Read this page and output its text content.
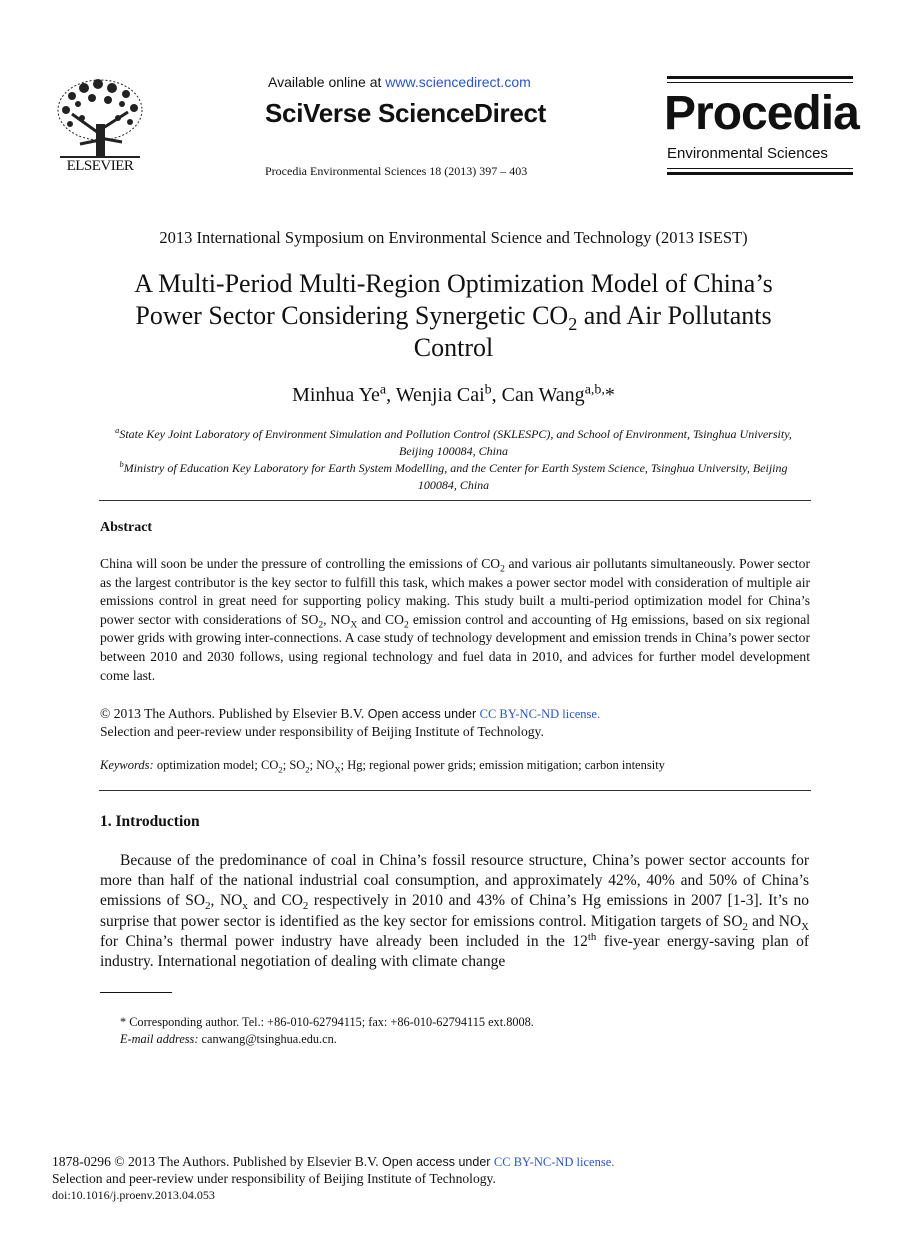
ELSEVIER
Available online at www.sciencedirect.com
SciVerse ScienceDirect
Procedia Environmental Sciences 18 (2013) 397 – 403
Procedia
Environmental Sciences
2013 International Symposium on Environmental Science and Technology (2013 ISEST)
A Multi-Period Multi-Region Optimization Model of China’s
Power Sector Considering Synergetic $CO_2$ and Air Pollutants
Control
Minhua Ye$^a$, Wenjia Cai$^b$, Can Wang$^{a,b,}$*
$^a$State Key Joint Laboratory of Environment Simulation and Pollution Control (SKLESPC), and School of Environment, Tsinghua University, Beijing 100084, China
$^b$Ministry of Education Key Laboratory for Earth System Modelling, and the Center for Earth System Science, Tsinghua University, Beijing 100084, China
Abstract
China will soon be under the pressure of controlling the emissions of $CO_2$ and various air pollutants simultaneously. Power sector as the largest contributor is the key sector to fulfill this task, which makes a power sector model with consideration of multiple air emissions control in great need for supporting policy making. This study built a multi-period optimization model for China’s power sector with considerations of $SO_2$, $NO_X$ and $CO_2$ emission control and accounting of Hg emissions, based on six regional power grids with growing inter-connections. A case study of technology development and emission trends in China’s power sector between 2010 and 2030 follows, using regional technology and fuel data in 2010, and advices for further model development come last.
© 2013 The Authors. Published by Elsevier B.V. Open access under CC BY-NC-ND license.
Selection and peer-review under responsibility of Beijing Institute of Technology.
Keywords: optimization model; $CO_2$; $SO_2$; $NO_X$; Hg; regional power grids; emission mitigation; carbon intensity
1. Introduction
Because of the predominance of coal in China’s fossil resource structure, China’s power sector accounts for more than half of the national industrial coal consumption, and approximately 42%, 40% and 50% of China’s emissions of $SO_2$, $NO_x$ and $CO_2$ respectively in 2010 and 43% of China’s Hg emissions in 2007 [1-3]. It’s no surprise that power sector is identified as the key sector for emissions control. Mitigation targets of $SO_2$ and $NO_X$ for China’s thermal power industry have already been included in the 12th five-year energy-saving plan of industry. International negotiation of dealing with climate change
* Corresponding author. Tel.: +86-010-62794115; fax: +86-010-62794115 ext.8008.
E-mail address: canwang@tsinghua.edu.cn.
1878-0296 © 2013 The Authors. Published by Elsevier B.V. Open access under CC BY-NC-ND license.
Selection and peer-review under responsibility of Beijing Institute of Technology.
doi:10.1016/j.proenv.2013.04.053
